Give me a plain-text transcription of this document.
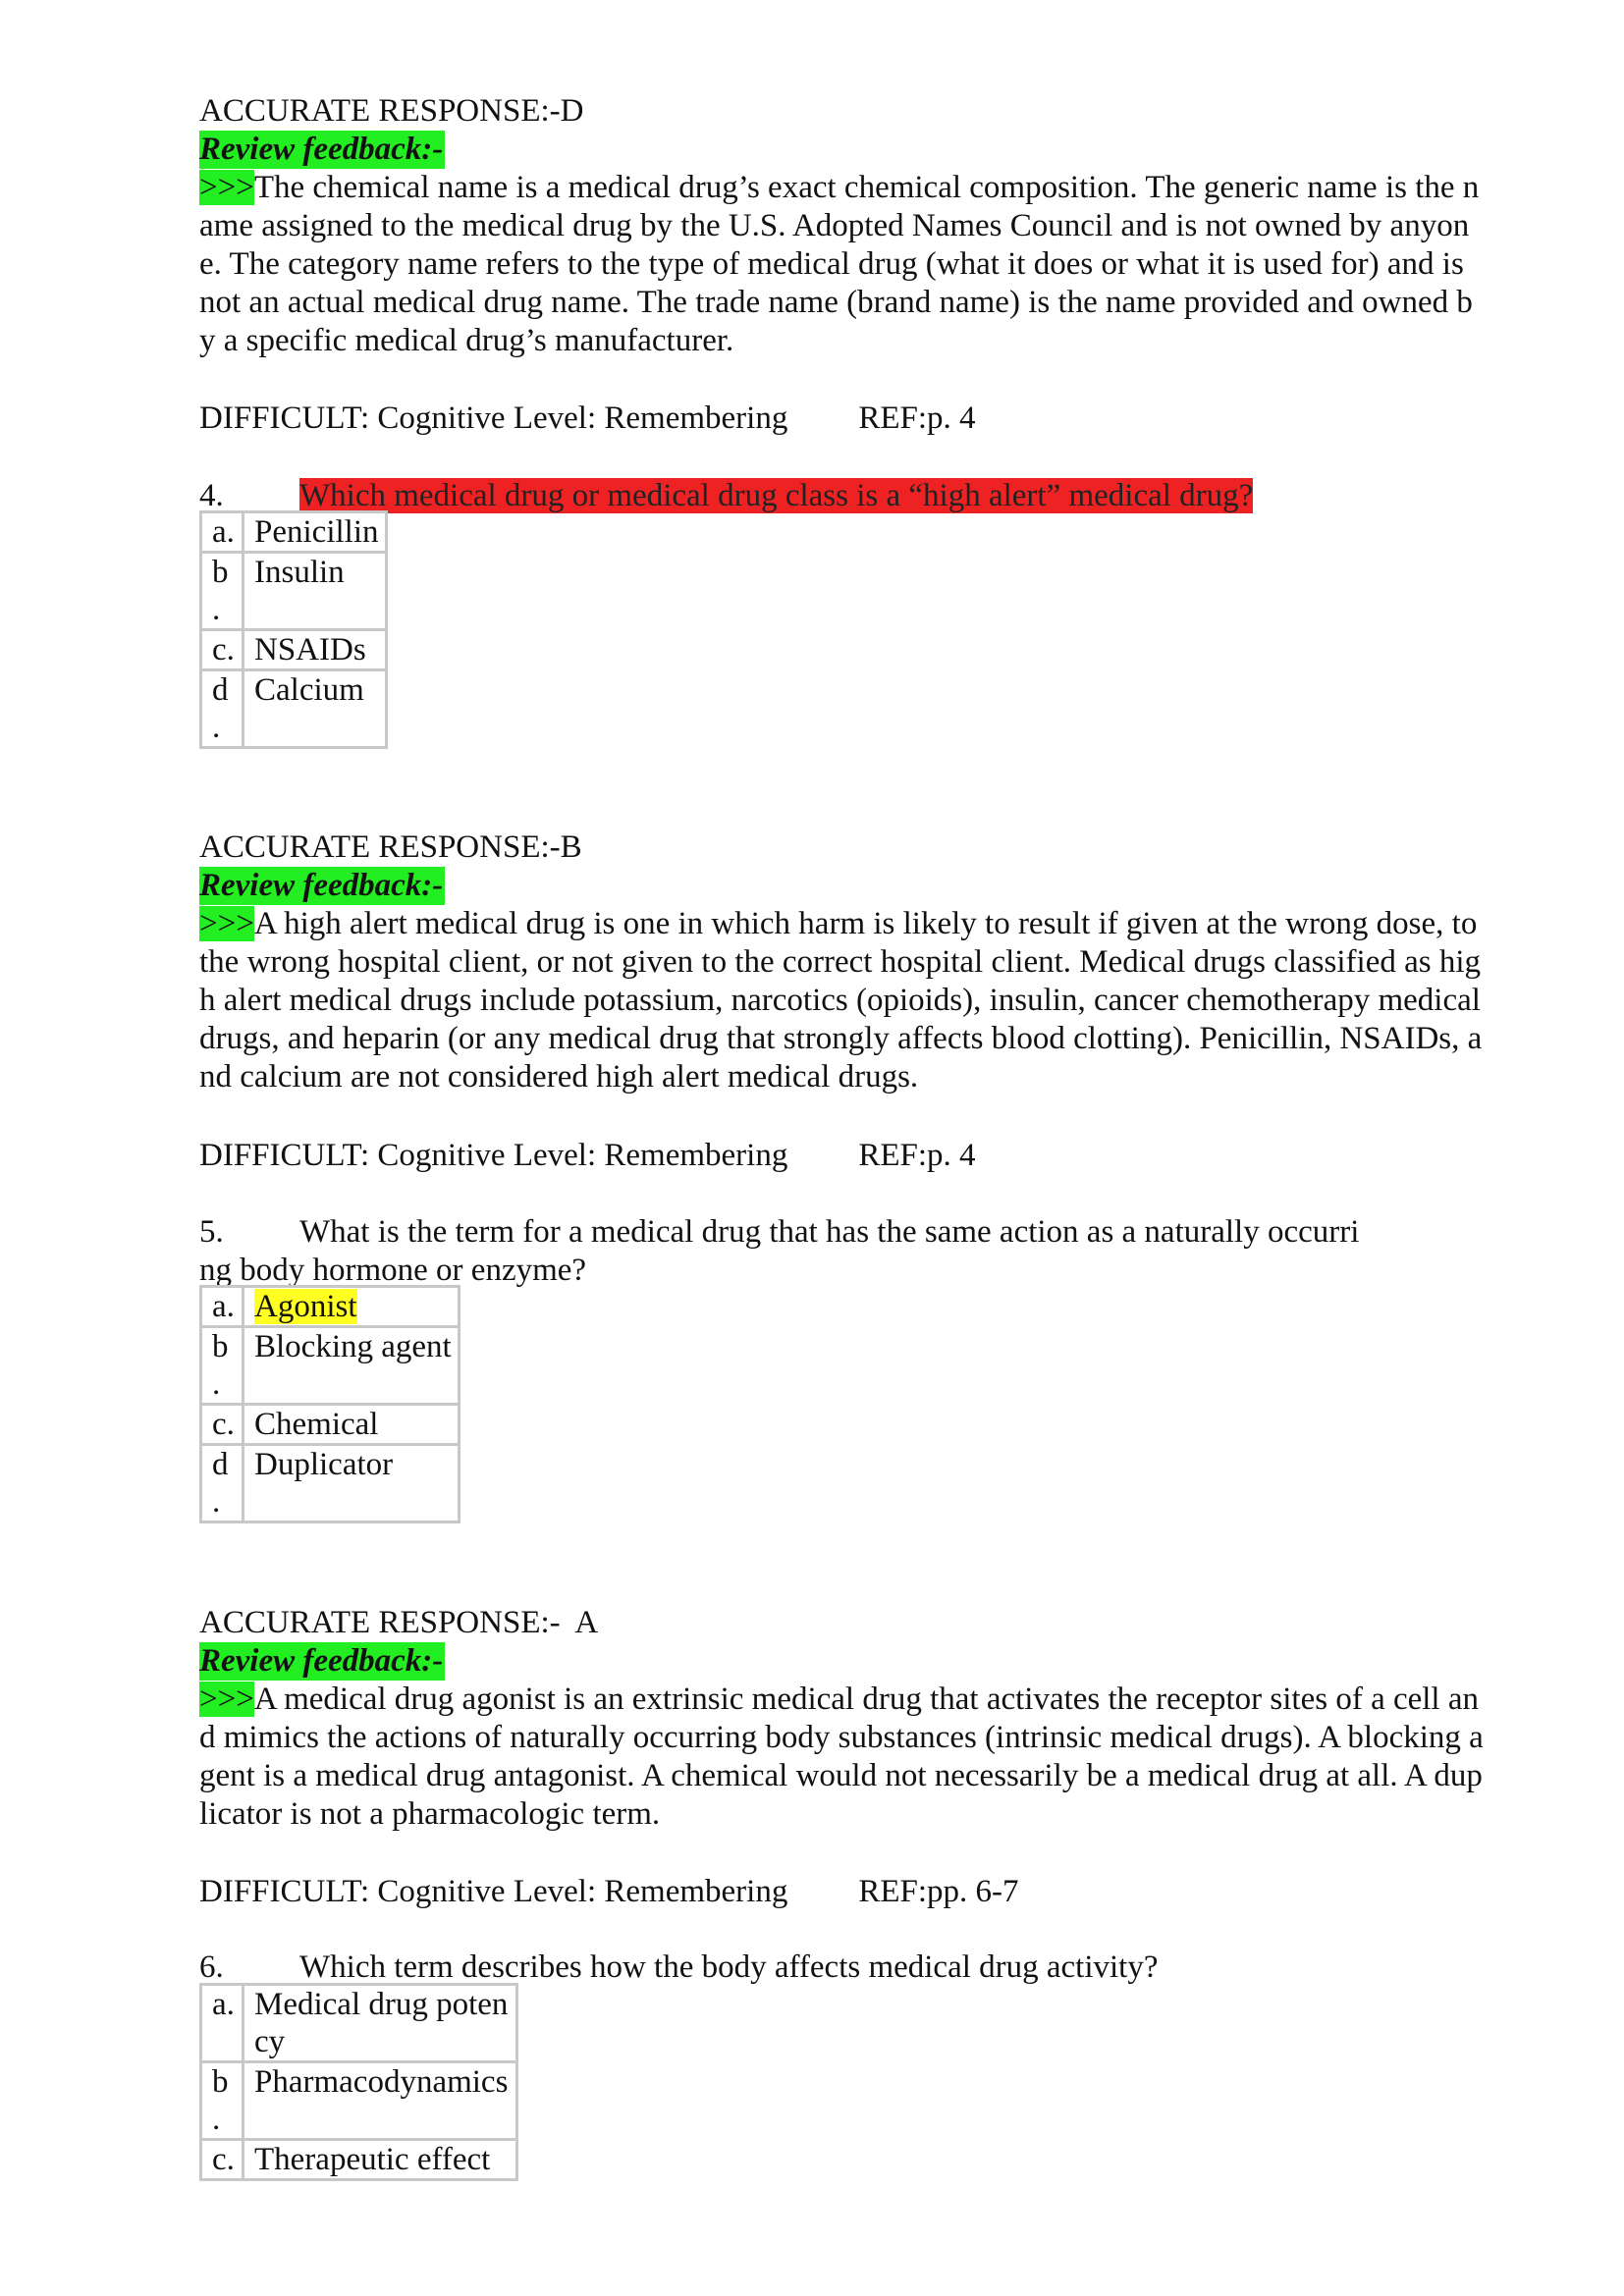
ACCURATE RESPONSE:-D

Review feedback:-

>>>The chemical name is a medical drug’s exact chemical composition. The generic name is the name assigned to the medical drug by the U.S. Adopted Names Council and is not owned by anyone. The category name refers to the type of medical drug (what it does or what it is used for) and is not an actual medical drug name. The trade name (brand name) is the name provided and owned by a specific medical drug’s manufacturer.

DIFFICULT: Cognitive Level: Remembering REF:p. 4

4. Which medical drug or medical drug class is a “high alert” medical drug?

a.	Penicillin
b
.	Insulin
c.	NSAIDs
d
.	Calcium

ACCURATE RESPONSE:-B

Review feedback:-

>>>A high alert medical drug is one in which harm is likely to result if given at the wrong dose, to the wrong hospital client, or not given to the correct hospital client. Medical drugs classified as high alert medical drugs include potassium, narcotics (opioids), insulin, cancer chemotherapy medical drugs, and heparin (or any medical drug that strongly affects blood clotting). Penicillin, NSAIDs, and calcium are not considered high alert medical drugs.

DIFFICULT: Cognitive Level: Remembering REF:p. 4

5. What is the term for a medical drug that has the same action as a naturally occurring body hormone or enzyme?

a.	Agonist
b
.	Blocking agent
c.	Chemical
d
.	Duplicator

ACCURATE RESPONSE:-  A

Review feedback:-

>>>A medical drug agonist is an extrinsic medical drug that activates the receptor sites of a cell and mimics the actions of naturally occurring body substances (intrinsic medical drugs). A blocking agent is a medical drug antagonist. A chemical would not necessarily be a medical drug at all. A duplicator is not a pharmacologic term.

DIFFICULT: Cognitive Level: Remembering REF:pp. 6-7

6. Which term describes how the body affects medical drug activity?

a.	Medical drug potency
b
.	Pharmacodynamics
c.	Therapeutic effect
